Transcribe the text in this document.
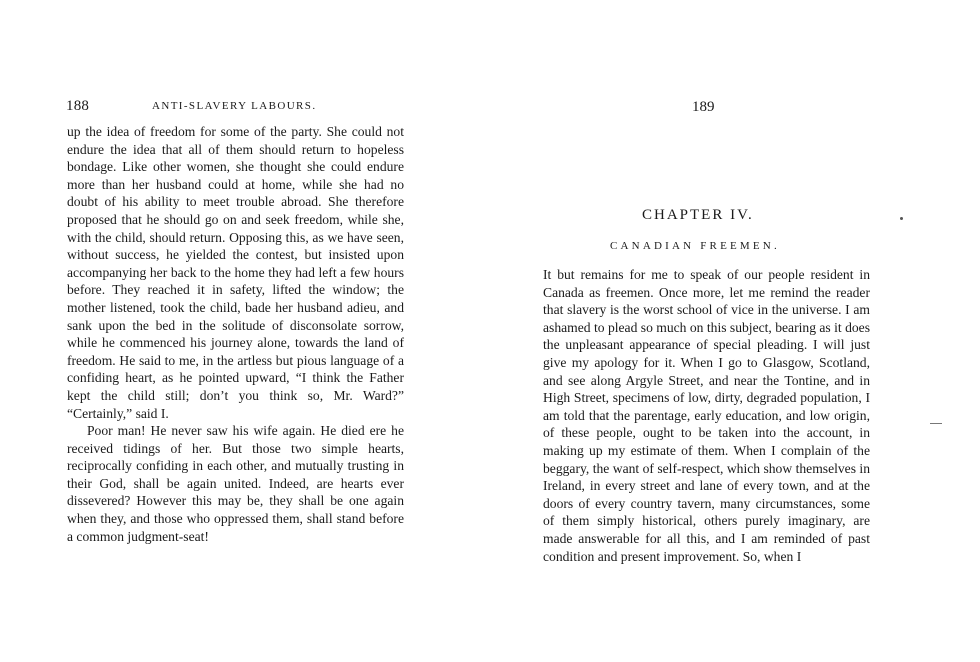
188	ANTI-SLAVERY LABOURS.

up the idea of freedom for some of the party. She could not endure the idea that all of them should return to hopeless bondage. Like other women, she thought she could endure more than her husband could at home, while she had no doubt of his ability to meet trouble abroad. She therefore proposed that he should go on and seek freedom, while she, with the child, should return. Opposing this, as we have seen, without success, he yielded the contest, but insisted upon accompanying her back to the home they had left a few hours before. They reached it in safety, lifted the window; the mother listened, took the child, bade her husband adieu, and sank upon the bed in the solitude of disconsolate sorrow, while he commenced his journey alone, towards the land of freedom. He said to me, in the artless but pious language of a confiding heart, as he pointed upward, “I think the Father kept the child still; don’t you think so, Mr. Ward?” “Certainly,” said I.

Poor man! He never saw his wife again. He died ere he received tidings of her. But those two simple hearts, reciprocally confiding in each other, and mutually trusting in their God, shall be again united. Indeed, are hearts ever dissevered? However this may be, they shall be one again when they, and those who oppressed them, shall stand before a common judgment-seat!

189
CHAPTER IV.
CANADIAN FREEMEN.

It but remains for me to speak of our people resident in Canada as freemen. Once more, let me remind the reader that slavery is the worst school of vice in the universe. I am ashamed to plead so much on this subject, bearing as it does the unpleasant appearance of special pleading. I will just give my apology for it. When I go to Glasgow, Scotland, and see along Argyle Street, and near the Tontine, and in High Street, specimens of low, dirty, degraded population, I am told that the parentage, early education, and low origin, of these people, ought to be taken into the account, in making up my estimate of them. When I complain of the beggary, the want of self-respect, which show themselves in Ireland, in every street and lane of every town, and at the doors of every country tavern, many circumstances, some of them simply historical, others purely imaginary, are made answerable for all this, and I am reminded of past condition and present improvement. So, when I
